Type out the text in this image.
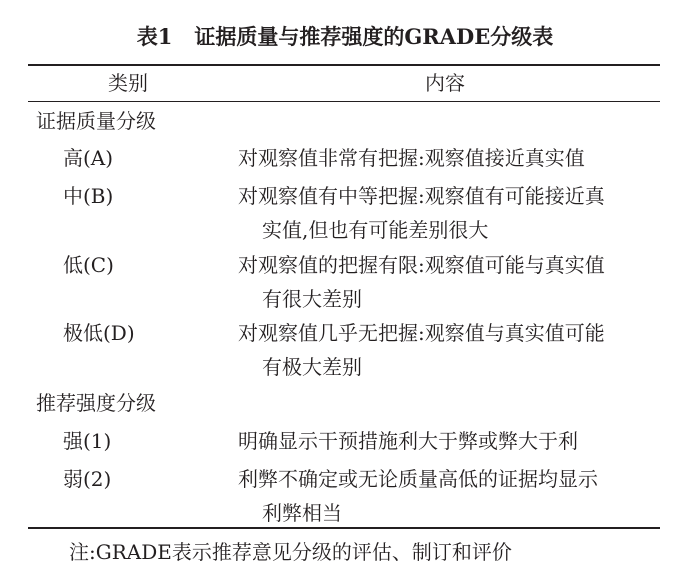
表1 证据质量与推荐强度的GRADE分级表
类别	内容
证据质量分级
高(A)	对观察值非常有把握:观察值接近真实值
中(B)	对观察值有中等把握:观察值有可能接近真
实值,但也有可能差别很大
低(C)	对观察值的把握有限:观察值可能与真实值
有很大差别
极低(D)	对观察值几乎无把握:观察值与真实值可能
有极大差别
推荐强度分级
强(1)	明确显示干预措施利大于弊或弊大于利
弱(2)	利弊不确定或无论质量高低的证据均显示
利弊相当
注:GRADE表示推荐意见分级的评估、制订和评价
